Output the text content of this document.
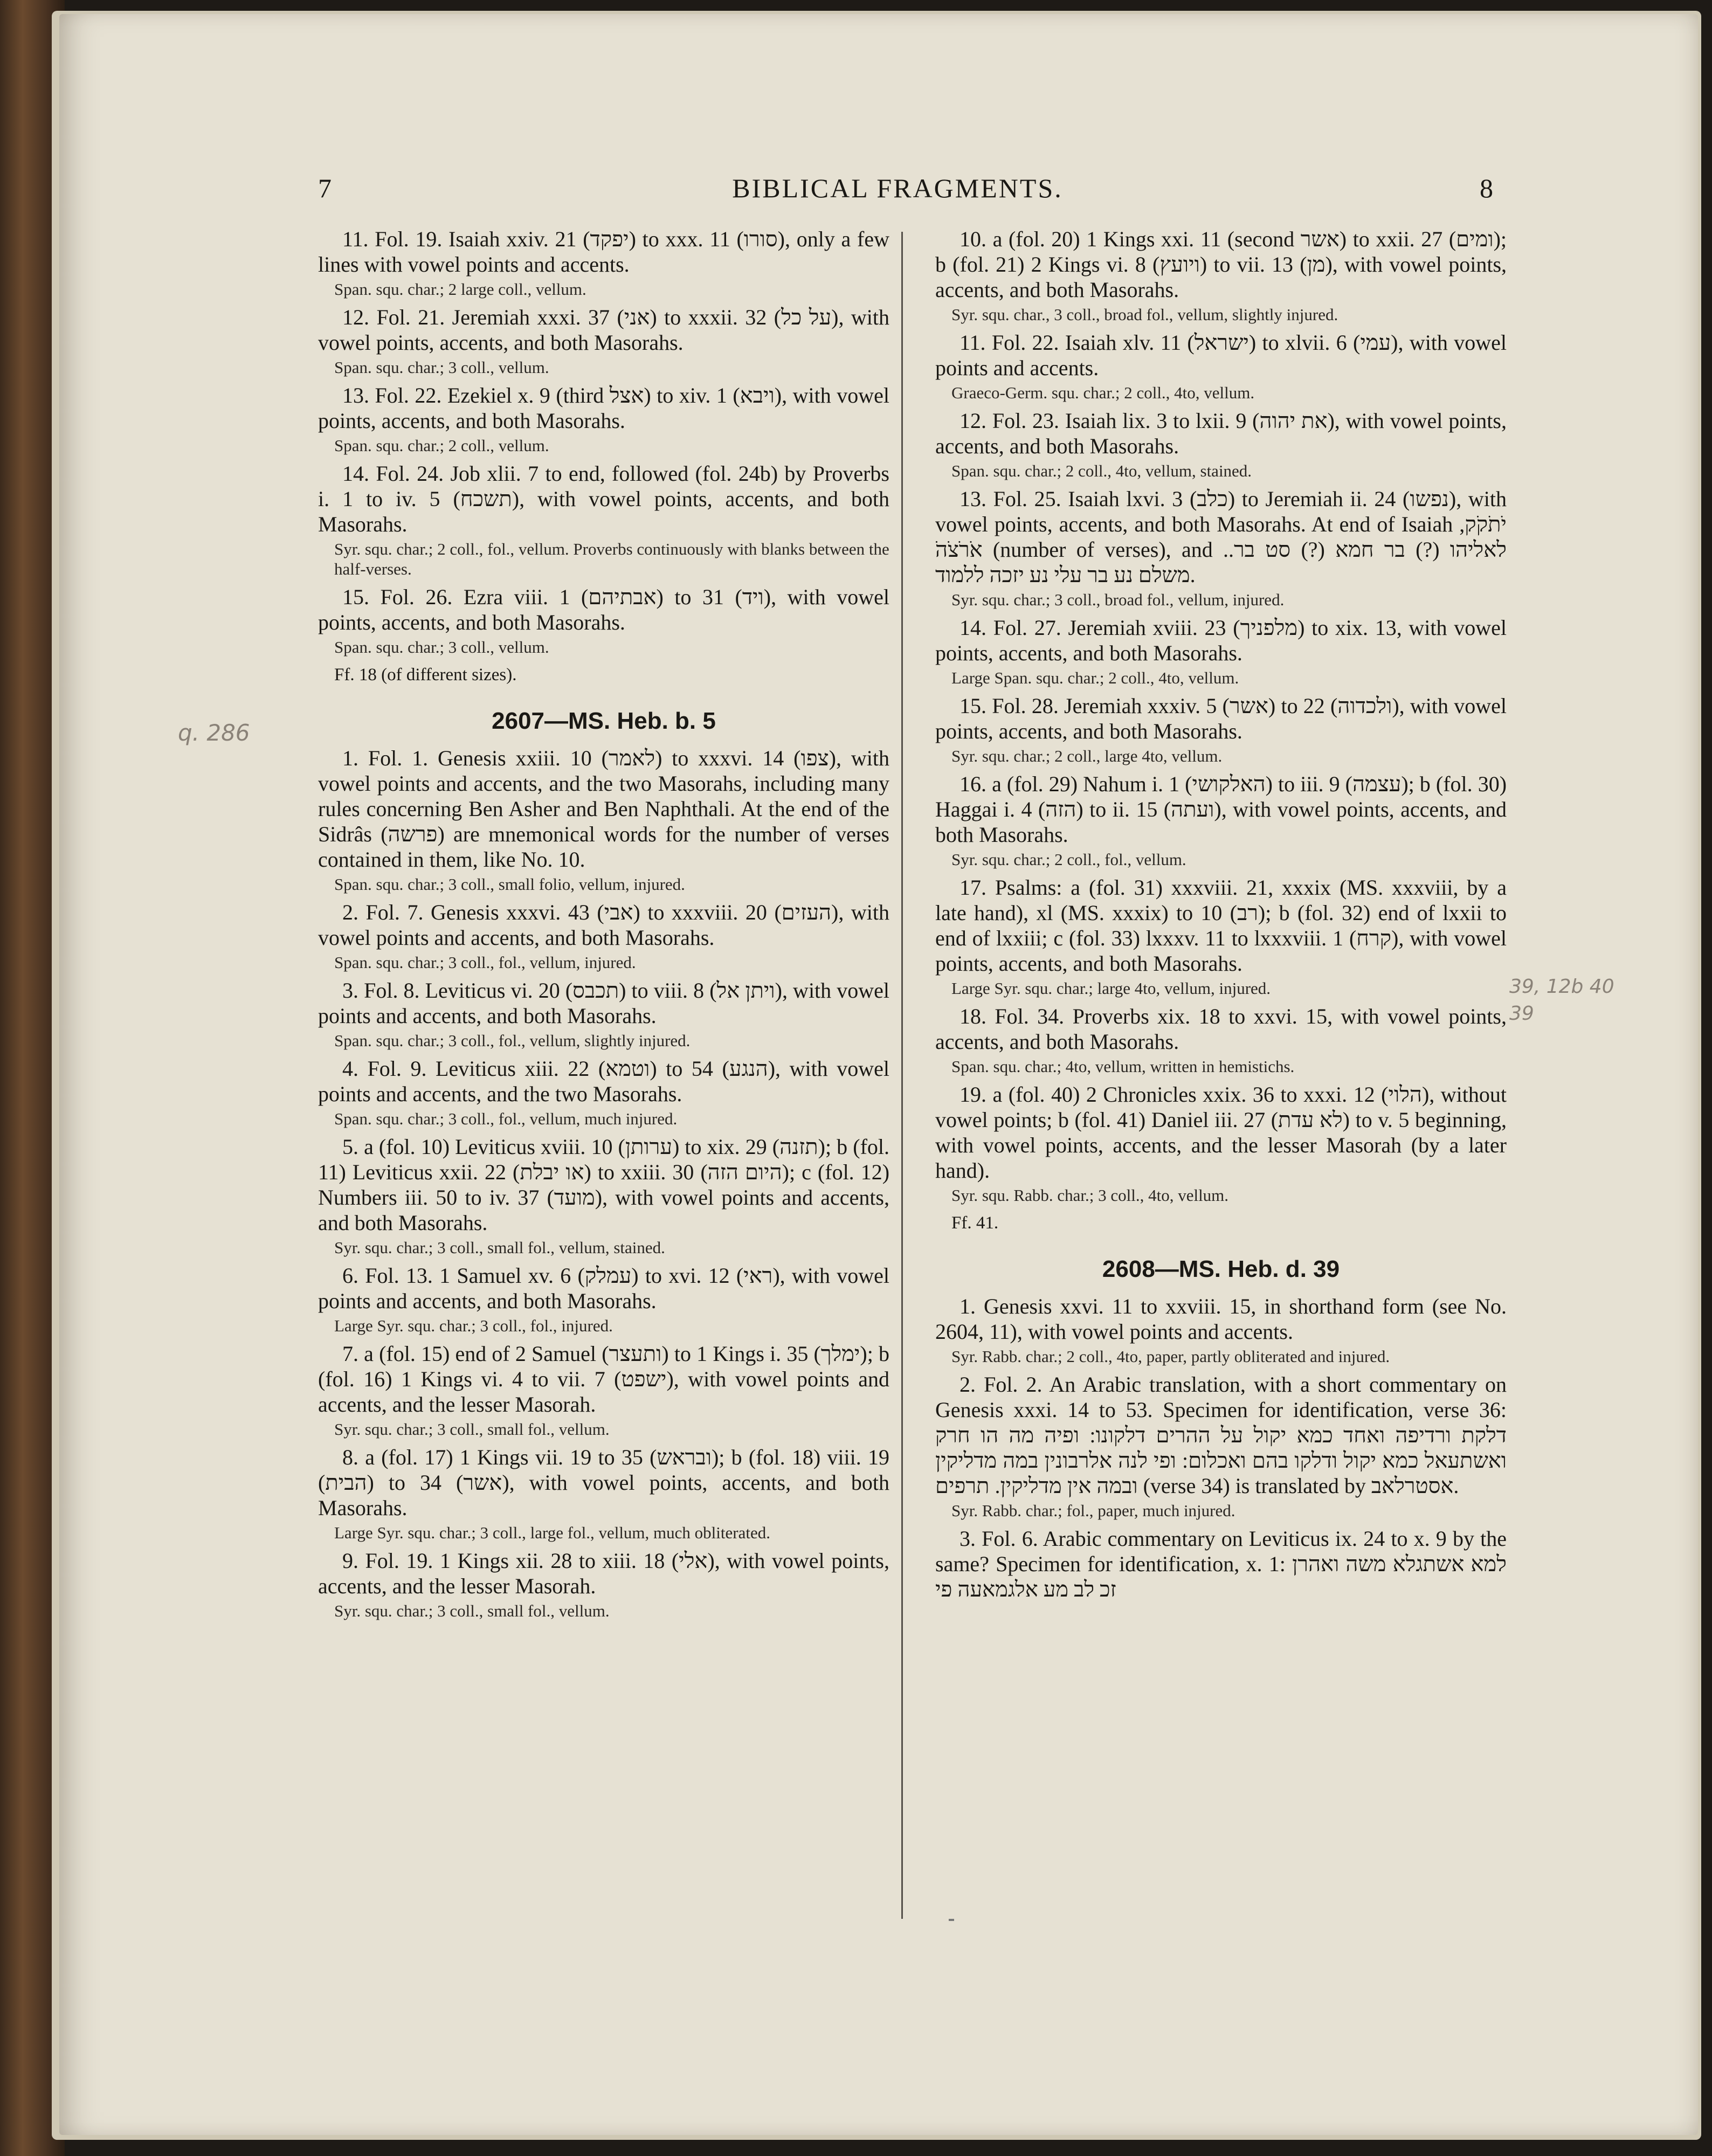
7	BIBLICAL FRAGMENTS.	8
11. Fol. 19. Isaiah xxiv. 21 (יפקד) to xxx. 11 (סורו), only a few lines with vowel points and accents.
Span. squ. char.; 2 large coll., vellum.
12. Fol. 21. Jeremiah xxxi. 37 (אני) to xxxii. 32 (על כל), with vowel points, accents, and both Masorahs.
Span. squ. char.; 3 coll., vellum.
13. Fol. 22. Ezekiel x. 9 (third אצל) to xiv. 1 (ויבא), with vowel points, accents, and both Masorahs.
Span. squ. char.; 2 coll., vellum.
14. Fol. 24. Job xlii. 7 to end, followed (fol. 24b) by Proverbs i. 1 to iv. 5 (תשכח), with vowel points, accents, and both Masorahs.
Syr. squ. char.; 2 coll., fol., vellum. Proverbs continuously with blanks between the half-verses.
15. Fol. 26. Ezra viii. 1 (אבתיהם) to 31 (ויד), with vowel points, accents, and both Masorahs.
Span. squ. char.; 3 coll., vellum.
Ff. 18 (of different sizes).
2607—MS. Heb. b. 5
1. Fol. 1. Genesis xxiii. 10 (לאמר) to xxxvi. 14 (צפו), with vowel points and accents, and the two Masorahs, including many rules concerning Ben Asher and Ben Naphthali. At the end of the Sidrâs (פרשה) are mnemonical words for the number of verses contained in them, like No. 10.
Span. squ. char.; 3 coll., small folio, vellum, injured.
2. Fol. 7. Genesis xxxvi. 43 (אבי) to xxxviii. 20 (העזים), with vowel points and accents, and both Masorahs.
Span. squ. char.; 3 coll., fol., vellum, injured.
3. Fol. 8. Leviticus vi. 20 (תכבס) to viii. 8 (ויתן אל), with vowel points and accents, and both Masorahs.
Span. squ. char.; 3 coll., fol., vellum, slightly injured.
4. Fol. 9. Leviticus xiii. 22 (וטמא) to 54 (הנגע), with vowel points and accents, and the two Masorahs.
Span. squ. char.; 3 coll., fol., vellum, much injured.
5. a (fol. 10) Leviticus xviii. 10 (ערותן) to xix. 29 (תזנה); b (fol. 11) Leviticus xxii. 22 (או יבלת) to xxiii. 30 (היום הזה); c (fol. 12) Numbers iii. 50 to iv. 37 (מועד), with vowel points and accents, and both Masorahs.
Syr. squ. char.; 3 coll., small fol., vellum, stained.
6. Fol. 13. 1 Samuel xv. 6 (עמלק) to xvi. 12 (ראי), with vowel points and accents, and both Masorahs.
Large Syr. squ. char.; 3 coll., fol., injured.
7. a (fol. 15) end of 2 Samuel (ותעצר) to 1 Kings i. 35 (ימלך); b (fol. 16) 1 Kings vi. 4 to vii. 7 (ישפט), with vowel points and accents, and the lesser Masorah.
Syr. squ. char.; 3 coll., small fol., vellum.
8. a (fol. 17) 1 Kings vii. 19 to 35 (ובראש); b (fol. 18) viii. 19 (הבית) to 34 (אשר), with vowel points, accents, and both Masorahs.
Large Syr. squ. char.; 3 coll., large fol., vellum, much obliterated.
9. Fol. 19. 1 Kings xii. 28 to xiii. 18 (אלי), with vowel points, accents, and the lesser Masorah.
Syr. squ. char.; 3 coll., small fol., vellum.
10. a (fol. 20) 1 Kings xxi. 11 (second אשר) to xxii. 27 (ומים); b (fol. 21) 2 Kings vi. 8 (ויועץ) to vii. 13 (מן), with vowel points, accents, and both Masorahs.
Syr. squ. char., 3 coll., broad fol., vellum, slightly injured.
11. Fol. 22. Isaiah xlv. 11 (ישראל) to xlvii. 6 (עמי), with vowel points and accents.
Graeco-Germ. squ. char.; 2 coll., 4to, vellum.
12. Fol. 23. Isaiah lix. 3 to lxii. 9 (את יהוה), with vowel points, accents, and both Masorahs.
Span. squ. char.; 2 coll., 4to, vellum, stained.
13. Fol. 25. Isaiah lxvi. 3 (כלב) to Jeremiah ii. 24 (נפשו), with vowel points, accents, and both Masorahs. At end of Isaiah יֹתֹקֹק, אֹרֹצֹהֹ (number of verses), and ..לאליהו (?) בר חמא (?) סט בר משלם נע בר עלי נע יזכה ללמוד.
Syr. squ. char.; 3 coll., broad fol., vellum, injured.
14. Fol. 27. Jeremiah xviii. 23 (מלפניך) to xix. 13, with vowel points, accents, and both Masorahs.
Large Span. squ. char.; 2 coll., 4to, vellum.
15. Fol. 28. Jeremiah xxxiv. 5 (אשר) to 22 (ולכדוה), with vowel points, accents, and both Masorahs.
Syr. squ. char.; 2 coll., large 4to, vellum.
16. a (fol. 29) Nahum i. 1 (האלקושי) to iii. 9 (עצמה); b (fol. 30) Haggai i. 4 (הזה) to ii. 15 (ועתה), with vowel points, accents, and both Masorahs.
Syr. squ. char.; 2 coll., fol., vellum.
17. Psalms: a (fol. 31) xxxviii. 21, xxxix (MS. xxxviii, by a late hand), xl (MS. xxxix) to 10 (רב); b (fol. 32) end of lxxii to end of lxxiii; c (fol. 33) lxxxv. 11 to lxxxviii. 1 (קרח), with vowel points, accents, and both Masorahs.
Large Syr. squ. char.; large 4to, vellum, injured.
18. Fol. 34. Proverbs xix. 18 to xxvi. 15, with vowel points, accents, and both Masorahs.
Span. squ. char.; 4to, vellum, written in hemistichs.
19. a (fol. 40) 2 Chronicles xxix. 36 to xxxi. 12 (הלוי), without vowel points; b (fol. 41) Daniel iii. 27 (לא עדת) to v. 5 beginning, with vowel points, accents, and the lesser Masorah (by a later hand).
Syr. squ. Rabb. char.; 3 coll., 4to, vellum.
Ff. 41.
2608—MS. Heb. d. 39
1. Genesis xxvi. 11 to xxviii. 15, in shorthand form (see No. 2604, 11), with vowel points and accents.
Syr. Rabb. char.; 2 coll., 4to, paper, partly obliterated and injured.
2. Fol. 2. An Arabic translation, with a short commentary on Genesis xxxi. 14 to 53. Specimen for identification, verse 36: דלקת ורדיפה ואחד כמא יקול על ההרים דלקונו: ופיה מה הו חרק ואשתעאל כמא יקול ודלקו בהם ואכלום: ופי לנה אלרבונין במה מדליקין ובמה אין מדליקין. תרפים (verse 34) is translated by אסטרלאב.
Syr. Rabb. char.; fol., paper, much injured.
3. Fol. 6. Arabic commentary on Leviticus ix. 24 to x. 9 by the same? Specimen for identification, x. 1: למא אשתגלא משה ואהרן זכ לב מע אלגמאעה פי
q. 286
39, 12b 40
39
